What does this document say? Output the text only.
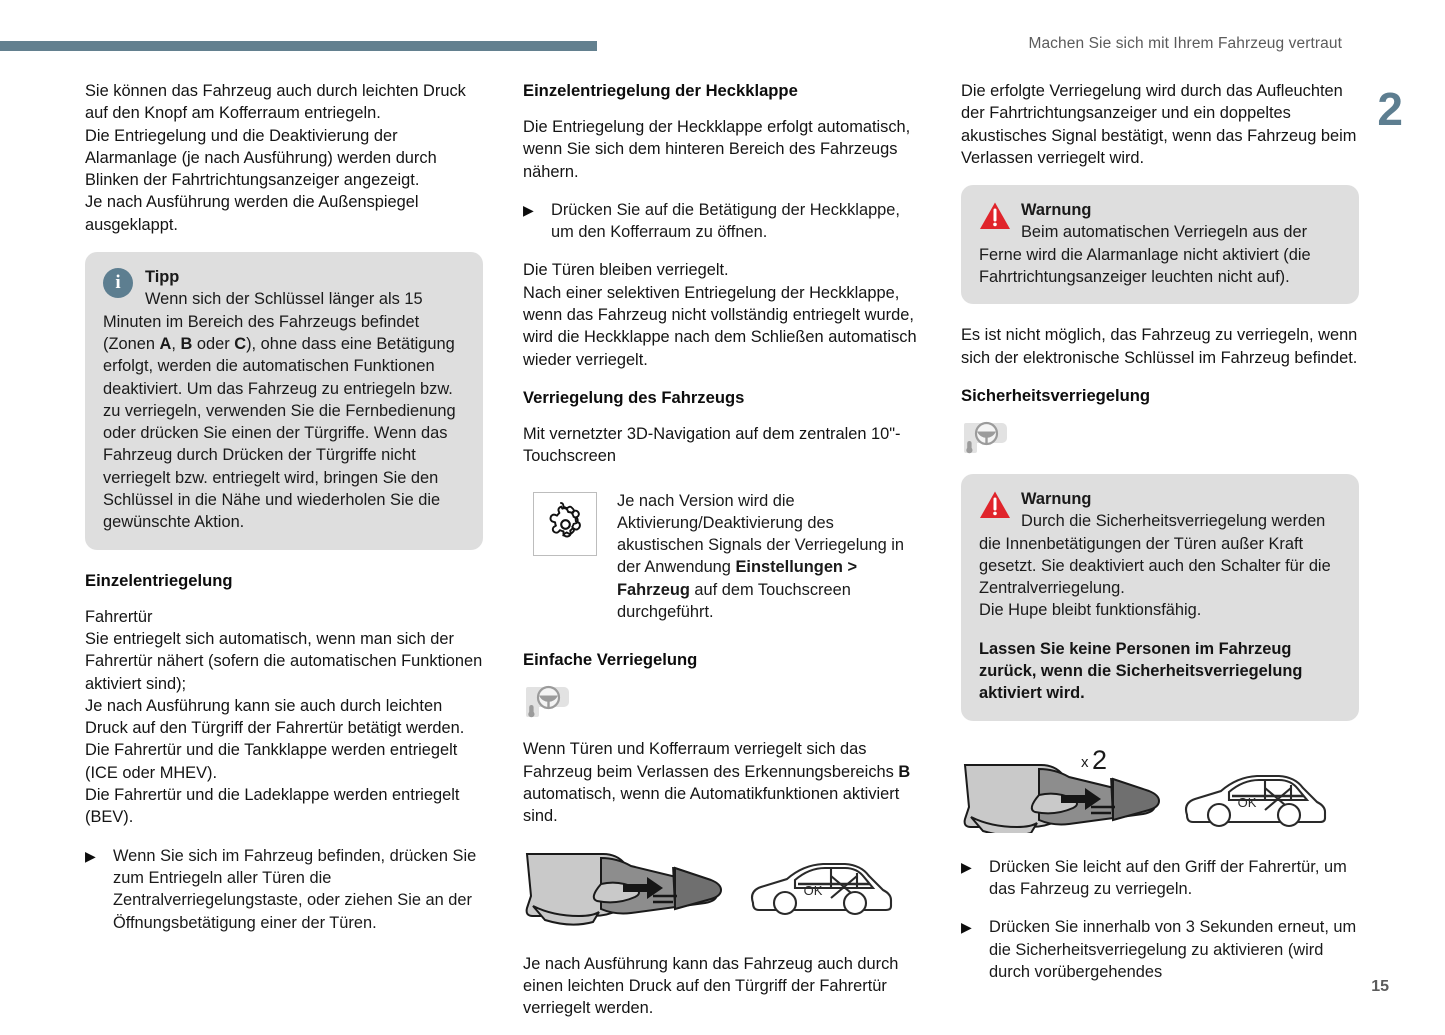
Machen Sie sich mit Ihrem Fahrzeug vertraut
2
15

Sie können das Fahrzeug auch durch leichten Druck auf den Knopf am Kofferraum entriegeln.
Die Entriegelung und die Deaktivierung der Alarmanlage (je nach Ausführung) werden durch Blinken der Fahrtrichtungsanzeiger angezeigt.
Je nach Ausführung werden die Außenspiegel ausgeklappt.

i	Tipp
Wenn sich der Schlüssel länger als 15 Minuten im Bereich des Fahrzeugs befindet (Zonen A, B oder C), ohne dass eine Betätigung erfolgt, werden die automatischen Funktionen deaktiviert. Um das Fahrzeug zu entriegeln bzw. zu verriegeln, verwenden Sie die Fernbedienung oder drücken Sie einen der Türgriffe. Wenn das Fahrzeug durch Drücken der Türgriffe nicht verriegelt bzw. entriegelt wird, bringen Sie den Schlüssel in die Nähe und wiederholen Sie die gewünschte Aktion.
Einzelentriegelung

Fahrertür
Sie entriegelt sich automatisch, wenn man sich der Fahrertür nähert (sofern die automatischen Funktionen aktiviert sind);
Je nach Ausführung kann sie auch durch leichten Druck auf den Türgriff der Fahrertür betätigt werden.
Die Fahrertür und die Tankklappe werden entriegelt (ICE oder MHEV).
Die Fahrertür und die Ladeklappe werden entriegelt (BEV).

▶	Wenn Sie sich im Fahrzeug befinden, drücken Sie zum Entriegeln aller Türen die Zentralverriegelungstaste, oder ziehen Sie an der Öffnungsbetätigung einer der Türen.
Einzelentriegelung der Heckklappe

Die Entriegelung der Heckklappe erfolgt automatisch, wenn Sie sich dem hinteren Bereich des Fahrzeugs nähern.

▶	Drücken Sie auf die Betätigung der Heckklappe, um den Kofferraum zu öffnen.

Die Türen bleiben verriegelt.
Nach einer selektiven Entriegelung der Heckklappe, wenn das Fahrzeug nicht vollständig entriegelt wurde, wird die Heckklappe nach dem Schließen automatisch wieder verriegelt.

Verriegelung des Fahrzeugs

Mit vernetzter 3D-Navigation auf dem zentralen 10"-Touchscreen

Je nach Version wird die Aktivierung/Deaktivierung des akustischen Signals der Verriegelung in der Anwendung Einstellungen > Fahrzeug auf dem Touchscreen durchgeführt.
Einfache Verriegelung

Wenn Türen und Kofferraum verriegelt sich das Fahrzeug beim Verlassen des Erkennungsbereichs B automatisch, wenn die Automatikfunktionen aktiviert sind.

OK

Je nach Ausführung kann das Fahrzeug auch durch einen leichten Druck auf den Türgriff der Fahrertür verriegelt werden.

Die erfolgte Verriegelung wird durch das Aufleuchten der Fahrtrichtungsanzeiger und ein doppeltes akustisches Signal bestätigt, wenn das Fahrzeug beim Verlassen verriegelt wird.

Warnung
Beim automatischen Verriegeln aus der Ferne wird die Alarmanlage nicht aktiviert (die Fahrtrichtungsanzeiger leuchten nicht auf).

Es ist nicht möglich, das Fahrzeug zu verriegeln, wenn sich der elektronische Schlüssel im Fahrzeug befindet.

Sicherheitsverriegelung
Warnung
Durch die Sicherheitsverriegelung werden die Innenbetätigungen der Türen außer Kraft gesetzt. Sie deaktiviert auch den Schalter für die Zentralverriegelung.
Die Hupe bleibt funktionsfähig.

Lassen Sie keine Personen im Fahrzeug zurück, wenn die Sicherheitsverriegelung aktiviert wird.

x 2
OK
▶	Drücken Sie leicht auf den Griff der Fahrertür, um das Fahrzeug zu verriegeln.
▶	Drücken Sie innerhalb von 3 Sekunden erneut, um die Sicherheitsverriegelung zu aktivieren (wird durch vorübergehendes
